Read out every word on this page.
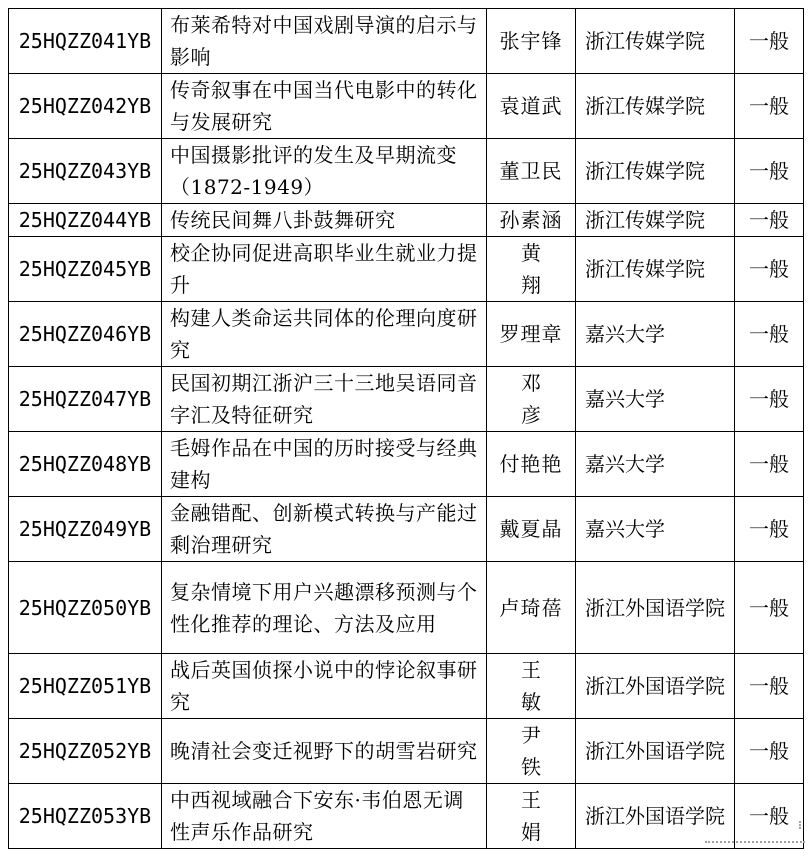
25HQZZ041YB	布莱希特对中国戏剧导演的启示与影响	张宇锋	浙江传媒学院	一般
25HQZZ042YB	传奇叙事在中国当代电影中的转化与发展研究	袁道武	浙江传媒学院	一般
25HQZZ043YB	中国摄影批评的发生及早期流变（1872-1949）	董卫民	浙江传媒学院	一般
25HQZZ044YB	传统民间舞八卦鼓舞研究	孙素涵	浙江传媒学院	一般
25HQZZ045YB	校企协同促进高职毕业生就业力提升	黄翔	浙江传媒学院	一般
25HQZZ046YB	构建人类命运共同体的伦理向度研究	罗理章	嘉兴大学	一般
25HQZZ047YB	民国初期江浙沪三十三地吴语同音字汇及特征研究	邓彦	嘉兴大学	一般
25HQZZ048YB	毛姆作品在中国的历时接受与经典建构	付艳艳	嘉兴大学	一般
25HQZZ049YB	金融错配、创新模式转换与产能过剩治理研究	戴夏晶	嘉兴大学	一般
25HQZZ050YB	复杂情境下用户兴趣漂移预测与个性化推荐的理论、方法及应用	卢琦蓓	浙江外国语学院	一般
25HQZZ051YB	战后英国侦探小说中的悖论叙事研究	王敏	浙江外国语学院	一般
25HQZZ052YB	晚清社会变迁视野下的胡雪岩研究	尹铁	浙江外国语学院	一般
25HQZZ053YB	中西视域融合下安东·韦伯恩无调性声乐作品研究	王娟	浙江外国语学院	一般
